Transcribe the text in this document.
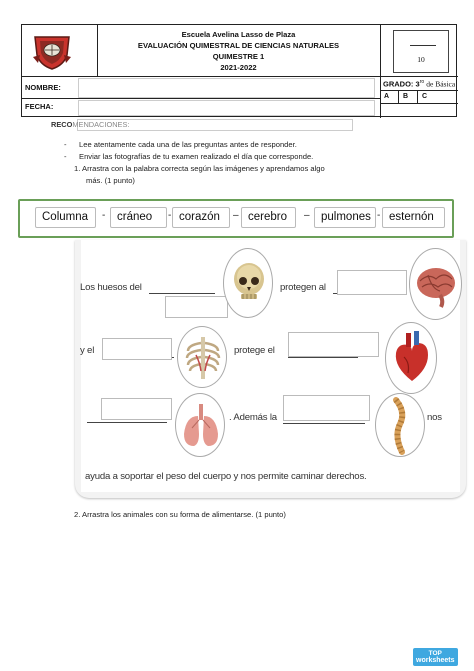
Escuela Avelina Lasso de Plaza
EVALUACIÓN QUIMESTRAL DE CIENCIAS NATURALES
QUIMESTRE 1
2021-2022
10
NOMBRE:	GRADO: $3^{ro}$ de Básica
A	B	C
FECHA:
RECOMENDACIONES:
- Lee atentamente cada una de las preguntas antes de responder.
- Enviar las fotografías de tu examen realizado el día que corresponde.
1. Arrastra con la palabra correcta según las imágenes y aprendamos algo
más. (1 punto)
Columna	-	cráneo	- corazón	– cerebro	– pulmones - esternón
Los huesos del	protegen al
y el	protege el
. Además la	nos
ayuda a soportar el peso del cuerpo y nos permite caminar derechos.
2. Arrastra los animales con su forma de alimentarse. (1 punto)
TOP
worksheets
